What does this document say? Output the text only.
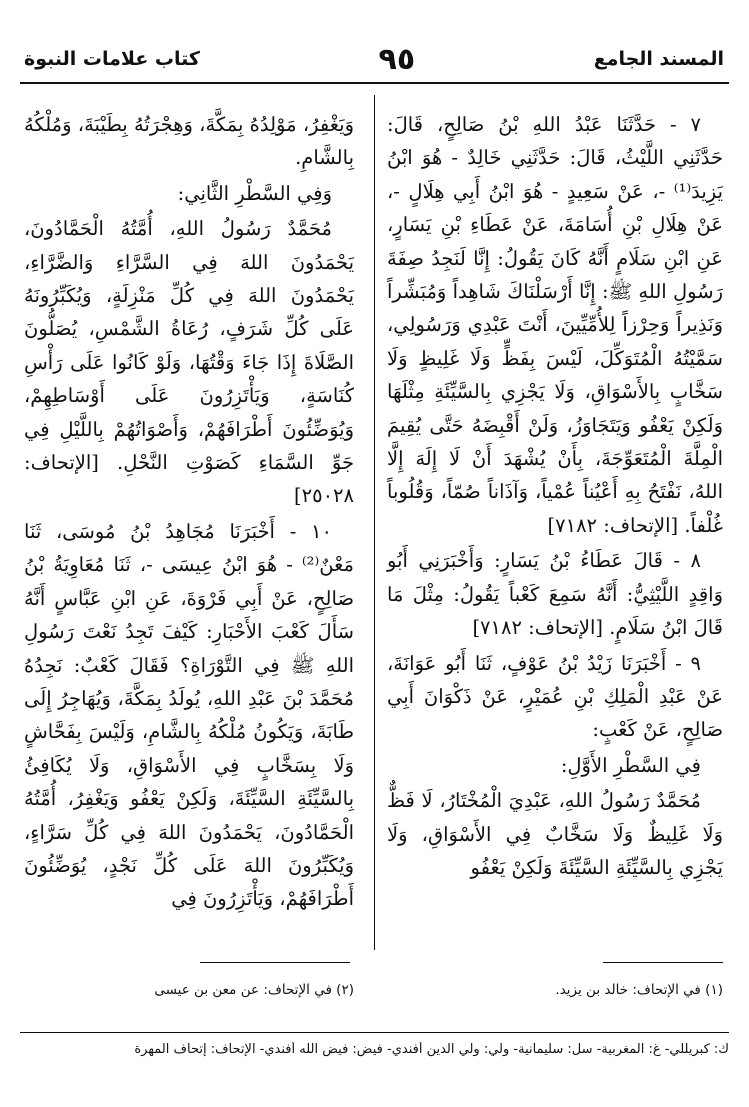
المسند الجامع
٩٥
كتاب علامات النبوة

٧ - حَدَّثَنَا عَبْدُ اللهِ بْنُ صَالِحٍ، قَالَ: حَدَّثَنِي اللَّيْثُ، قَالَ: حَدَّثَنِي خَالِدٌ - هُوَ ابْنُ يَزِيدَ⁽¹⁾ -، عَنْ سَعِيدٍ - هُوَ ابْنُ أَبِي هِلَالٍ -، عَنْ هِلَالِ بْنِ أُسَامَةَ، عَنْ عَطَاءِ بْنِ يَسَارٍ، عَنِ ابْنِ سَلَامٍ أَنَّهُ كَانَ يَقُولُ: إِنَّا لَنَجِدُ صِفَةَ رَسُولِ اللهِ ﷺ: إِنَّا أَرْسَلْنَاكَ شَاهِداً وَمُبَشِّراً وَنَذِيراً وَحِرْزاً لِلأُمِّيِّينَ، أَنْتَ عَبْدِي وَرَسُولِي، سَمَّيْتُهُ الْمُتَوَكِّلَ، لَيْسَ بِفَظٍّ وَلَا غَلِيظٍ وَلَا سَخَّابٍ بِالأَسْوَاقِ، وَلَا يَجْزِي بِالسَّيِّئَةِ مِثْلَهَا وَلَكِنْ يَعْفُو وَيَتَجَاوَزُ، وَلَنْ أَقْبِضَهُ حَتَّى يُقِيمَ الْمِلَّةَ الْمُتَعَوِّجَةَ، بِأَنْ يُشْهَدَ أَنْ لَا إِلَهَ إِلَّا اللهُ، نَفْتَحُ بِهِ أَعْيُناً عُمْياً، وَآذَاناً صُمّاً، وَقُلُوباً غُلْفاً. [الإتحاف: ٧١٨٢]

٨ - قَالَ عَطَاءُ بْنُ يَسَارٍ: وَأَخْبَرَنِي أَبُو وَاقِدٍ اللَّيْثِيُّ: أَنَّهُ سَمِعَ كَعْباً يَقُولُ: مِثْلَ مَا قَالَ ابْنُ سَلَامٍ. [الإتحاف: ٧١٨٢]

٩ - أَخْبَرَنَا زَيْدُ بْنُ عَوْفٍ، ثَنَا أَبُو عَوَانَةَ، عَنْ عَبْدِ الْمَلِكِ بْنِ عُمَيْرٍ، عَنْ ذَكْوَانَ أَبِي صَالِحٍ، عَنْ كَعْبٍ:

فِي السَّطْرِ الأَوَّلِ:

مُحَمَّدٌ رَسُولُ اللهِ، عَبْدِيَ الْمُخْتَارُ، لَا فَظٌّ وَلَا غَلِيظٌ وَلَا سَخَّابٌ فِي الأَسْوَاقِ، وَلَا يَجْزِي بِالسَّيِّئَةِ السَّيِّئَةَ وَلَكِنْ يَعْفُو

وَيَغْفِرُ، مَوْلِدُهُ بِمَكَّةَ، وَهِجْرَتُهُ بِطَيْبَةَ، وَمُلْكُهُ بِالشَّامِ.

وَفِي السَّطْرِ الثَّانِي:

مُحَمَّدٌ رَسُولُ اللهِ، أُمَّتُهُ الْحَمَّادُونَ، يَحْمَدُونَ اللهَ فِي السَّرَّاءِ وَالضَّرَّاءِ، يَحْمَدُونَ اللهَ فِي كُلِّ مَنْزِلَةٍ، وَيُكَبِّرُونَهُ عَلَى كُلِّ شَرَفٍ، رُعَاةُ الشَّمْسِ، يُصَلُّونَ الصَّلَاةَ إِذَا جَاءَ وَقْتُهَا، وَلَوْ كَانُوا عَلَى رَأْسِ كُنَاسَةٍ، وَيَأْتَزِرُونَ عَلَى أَوْسَاطِهِمْ، وَيُوَضِّئُونَ أَطْرَافَهُمْ، وَأَصْوَاتُهُمْ بِاللَّيْلِ فِي جَوِّ السَّمَاءِ كَصَوْتِ النَّحْلِ. [الإتحاف: ٢٥٠٢٨]

١٠ - أَخْبَرَنَا مُجَاهِدُ بْنُ مُوسَى، ثَنَا مَعْنٌ⁽²⁾ - هُوَ ابْنُ عِيسَى -، ثَنَا مُعَاوِيَةُ بْنُ صَالِحٍ، عَنْ أَبِي فَرْوَةَ، عَنِ ابْنِ عَبَّاسٍ أَنَّهُ سَأَلَ كَعْبَ الأَحْبَارِ: كَيْفَ تَجِدُ نَعْتَ رَسُولِ اللهِ ﷺ فِي التَّوْرَاةِ؟ فَقَالَ كَعْبٌ: نَجِدُهُ مُحَمَّدَ بْنَ عَبْدِ اللهِ، يُولَدُ بِمَكَّةَ، وَيُهَاجِرُ إِلَى طَابَةَ، وَيَكُونُ مُلْكُهُ بِالشَّامِ، وَلَيْسَ بِفَحَّاشٍ وَلَا بِسَخَّابٍ فِي الأَسْوَاقِ، وَلَا يُكَافِئُ بِالسَّيِّئَةِ السَّيِّئَةَ، وَلَكِنْ يَعْفُو وَيَغْفِرُ، أُمَّتُهُ الْحَمَّادُونَ، يَحْمَدُونَ اللهَ فِي كُلِّ سَرَّاءٍ، وَيُكَبِّرُونَ اللهَ عَلَى كُلِّ نَجْدٍ، يُوَضِّئُونَ أَطْرَافَهُمْ، وَيَأْتَزِرُونَ فِي

(١) في الإتحاف: خالد بن يزيد.
(٢) في الإتحاف: عن معن بن عيسى
ك: كبريللي- غ: المغربية- سل: سليمانية- ولي: ولي الدين أفندي- فيض: فيض الله أفندي- الإتحاف: إتحاف المهرة
